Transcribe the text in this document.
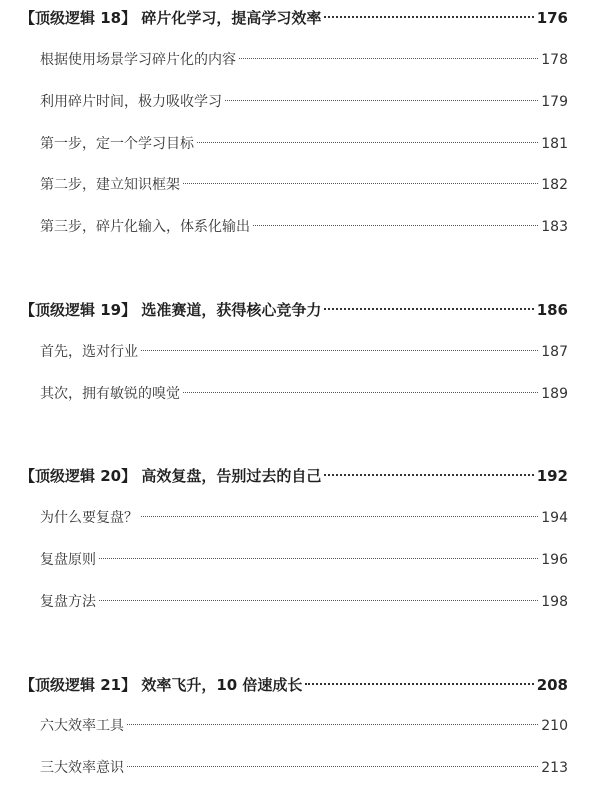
【顶级逻辑 18】 碎片化学习，提高学习效率	176
根据使用场景学习碎片化的内容	178
利用碎片时间，极力吸收学习	179
第一步，定一个学习目标	181
第二步，建立知识框架	182
第三步，碎片化输入，体系化输出	183
【顶级逻辑 19】 选准赛道，获得核心竞争力	186
首先，选对行业	187
其次，拥有敏锐的嗅觉	189
【顶级逻辑 20】 高效复盘，告别过去的自己	192
为什么要复盘？	194
复盘原则	196
复盘方法	198
【顶级逻辑 21】 效率飞升，10 倍速成长	208
六大效率工具	210
三大效率意识	213
